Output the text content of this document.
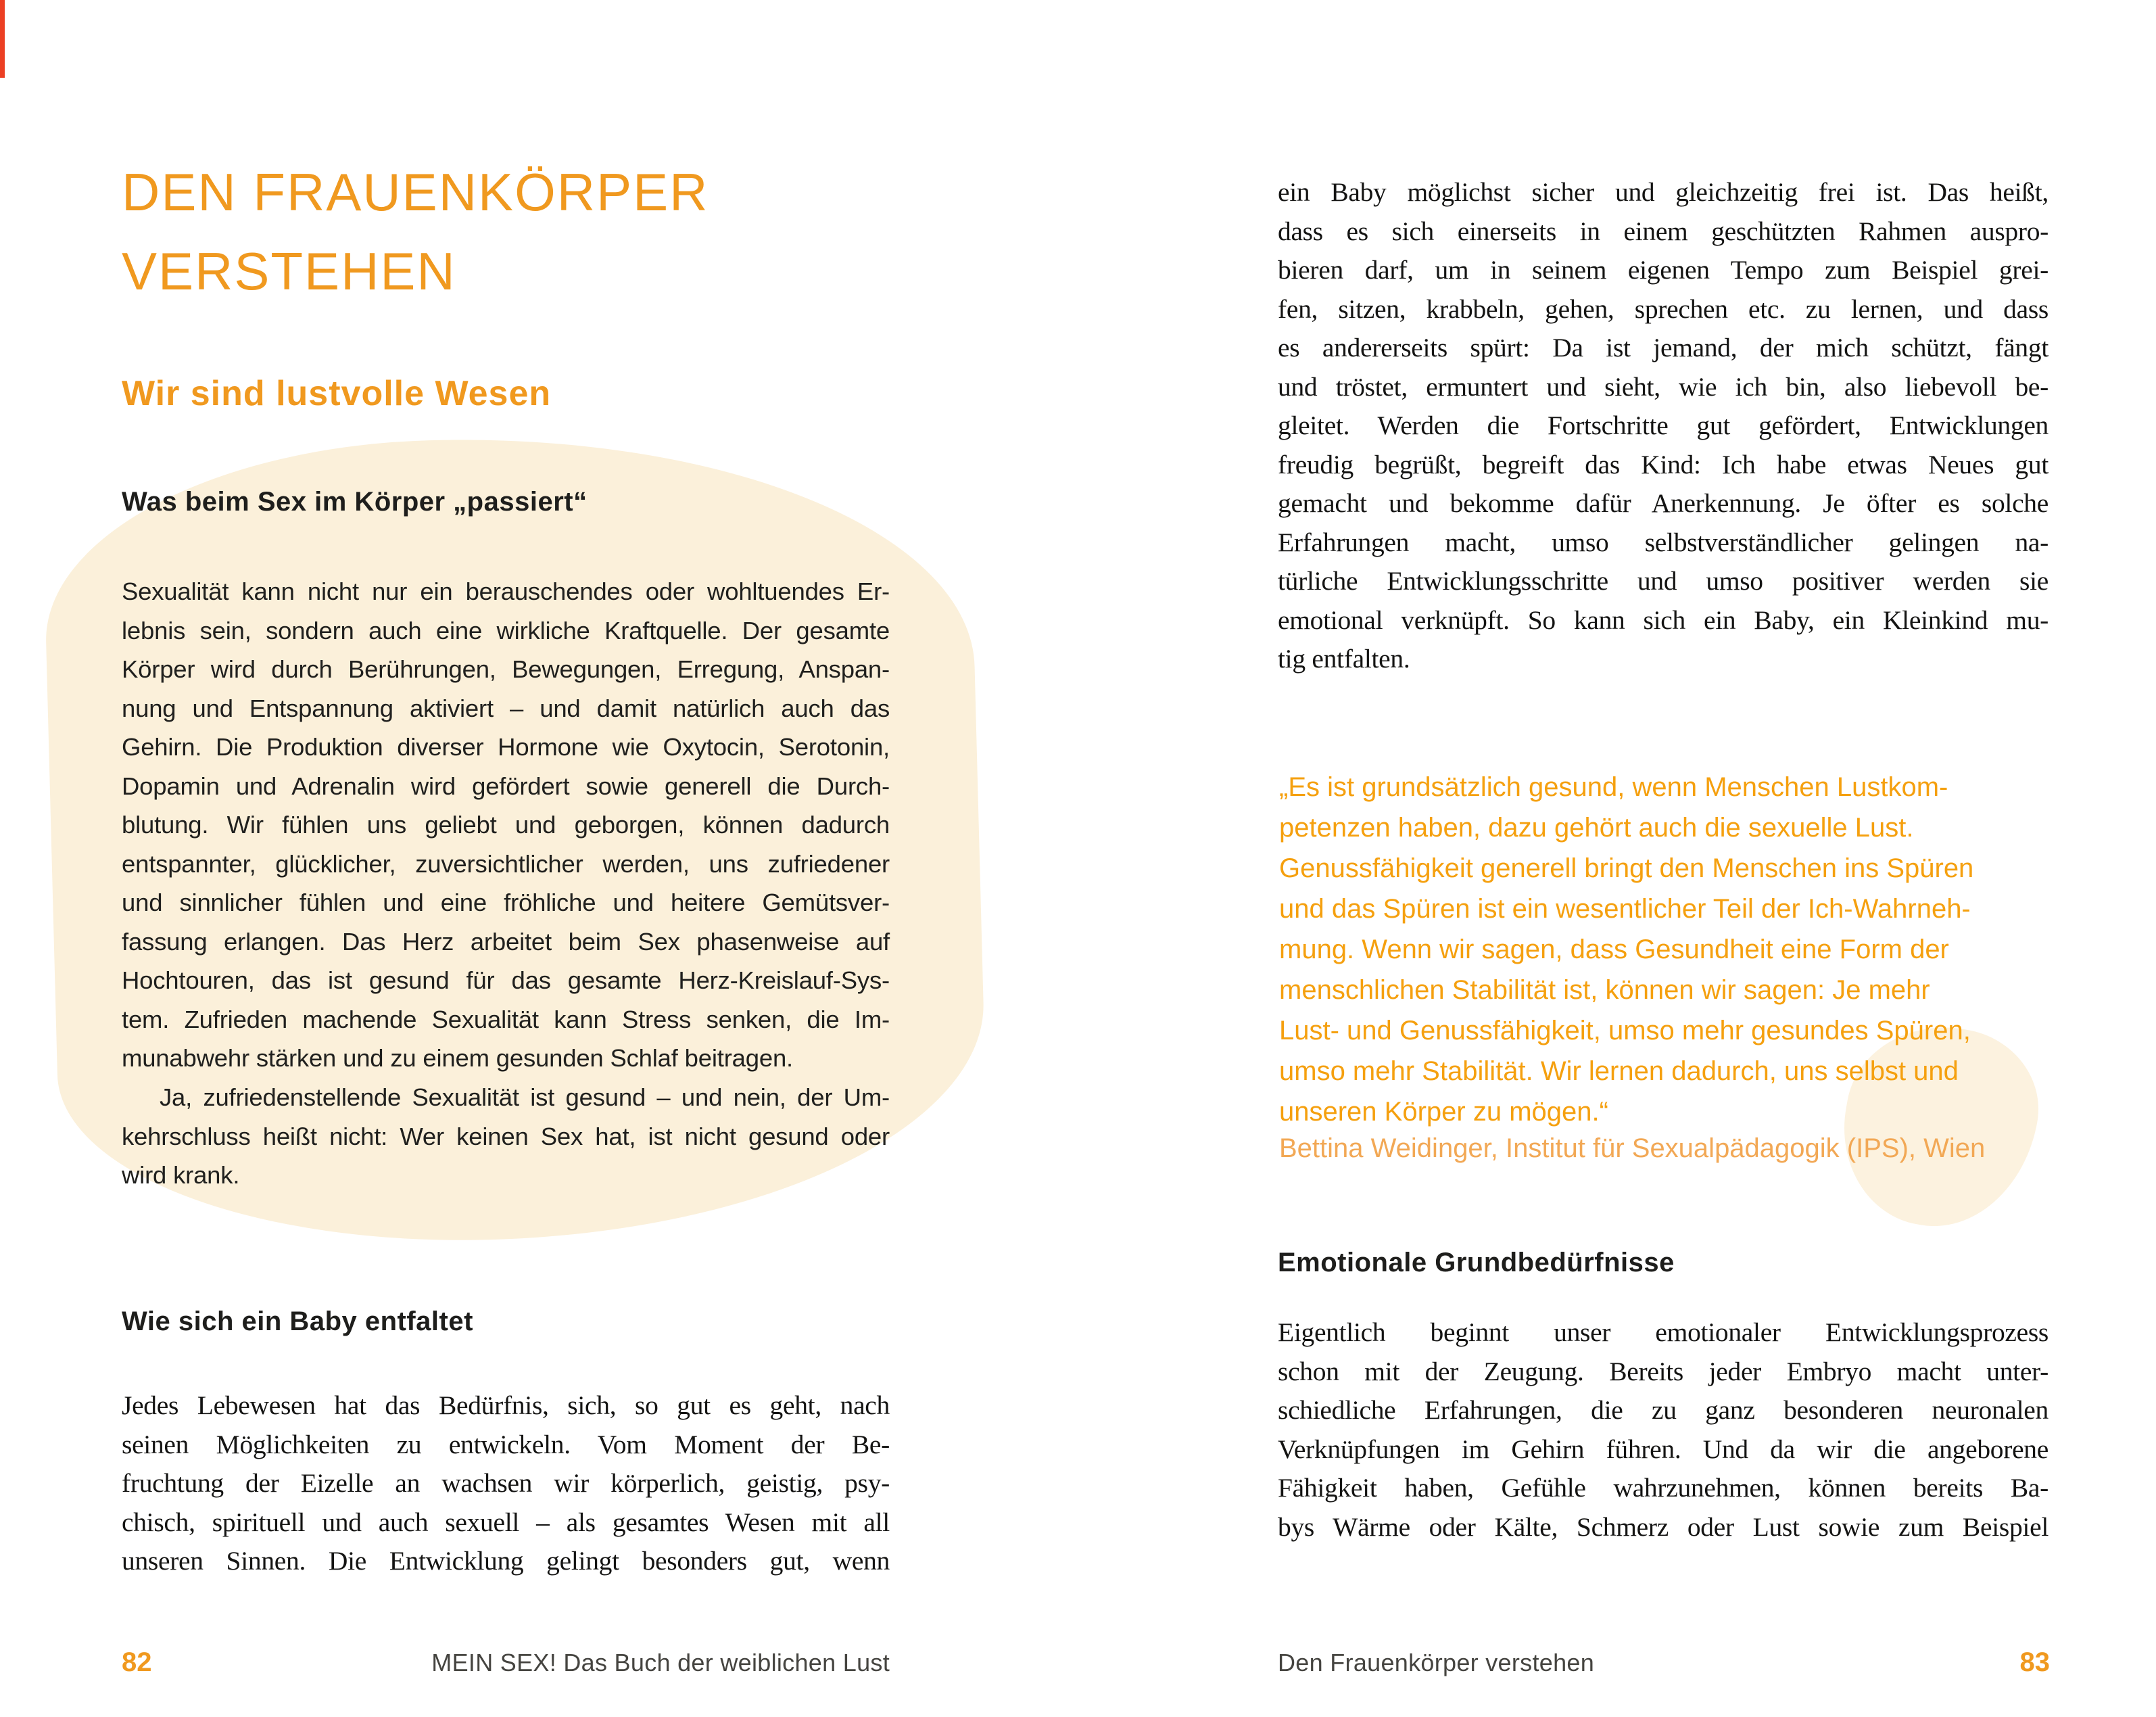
DEN FRAUENKÖRPER
VERSTEHEN
Wir sind lustvolle Wesen
Was beim Sex im Körper „passiert“
Sexualität kann nicht nur ein berauschendes oder wohltuendes Er-
lebnis sein, sondern auch eine wirkliche Kraftquelle. Der gesamte
Körper wird durch Berührungen, Bewegungen, Erregung, Anspan-
nung und Entspannung aktiviert – und damit natürlich auch das
Gehirn. Die Produktion diverser Hormone wie Oxytocin, Serotonin,
Dopamin und Adrenalin wird gefördert sowie generell die Durch-
blutung. Wir fühlen uns geliebt und geborgen, können dadurch
entspannter, glücklicher, zuversichtlicher werden, uns zufriedener
und sinnlicher fühlen und eine fröhliche und heitere Gemütsver-
fassung erlangen. Das Herz arbeitet beim Sex phasenweise auf
Hochtouren, das ist gesund für das gesamte Herz-Kreislauf-Sys-
tem. Zufrieden machende Sexualität kann Stress senken, die Im-
munabwehr stärken und zu einem gesunden Schlaf beitragen.
Ja, zufriedenstellende Sexualität ist gesund – und nein, der Um-
kehrschluss heißt nicht: Wer keinen Sex hat, ist nicht gesund oder
wird krank.
Wie sich ein Baby entfaltet
Jedes Lebewesen hat das Bedürfnis, sich, so gut es geht, nach
seinen Möglichkeiten zu entwickeln. Vom Moment der Be-
fruchtung der Eizelle an wachsen wir körperlich, geistig, psy-
chisch, spirituell und auch sexuell – als gesamtes Wesen mit all
unseren Sinnen. Die Entwicklung gelingt besonders gut, wenn
82	MEIN SEX! Das Buch der weiblichen Lust
ein Baby möglichst sicher und gleichzeitig frei ist. Das heißt,
dass es sich einerseits in einem geschützten Rahmen auspro-
bieren darf, um in seinem eigenen Tempo zum Beispiel grei-
fen, sitzen, krabbeln, gehen, sprechen etc. zu lernen, und dass
es andererseits spürt: Da ist jemand, der mich schützt, fängt
und tröstet, ermuntert und sieht, wie ich bin, also liebevoll be-
gleitet. Werden die Fortschritte gut gefördert, Entwicklungen
freudig begrüßt, begreift das Kind: Ich habe etwas Neues gut
gemacht und bekomme dafür Anerkennung. Je öfter es solche
Erfahrungen macht, umso selbstverständlicher gelingen na-
türliche Entwicklungsschritte und umso positiver werden sie
emotional verknüpft. So kann sich ein Baby, ein Kleinkind mu-
tig entfalten.
„Es ist grundsätzlich gesund, wenn Menschen Lustkom-
petenzen haben, dazu gehört auch die sexuelle Lust.
Genussfähigkeit generell bringt den Menschen ins Spüren
und das Spüren ist ein wesentlicher Teil der Ich-Wahrneh-
mung. Wenn wir sagen, dass Gesundheit eine Form der
menschlichen Stabilität ist, können wir sagen: Je mehr
Lust- und Genussfähigkeit, umso mehr gesundes Spüren,
umso mehr Stabilität. Wir lernen dadurch, uns selbst und
unseren Körper zu mögen.“
Bettina Weidinger, Institut für Sexualpädagogik (IPS), Wien
Emotionale Grundbedürfnisse
Eigentlich beginnt unser emotionaler Entwicklungsprozess
schon mit der Zeugung. Bereits jeder Embryo macht unter-
schiedliche Erfahrungen, die zu ganz besonderen neuronalen
Verknüpfungen im Gehirn führen. Und da wir die angeborene
Fähigkeit haben, Gefühle wahrzunehmen, können bereits Ba-
bys Wärme oder Kälte, Schmerz oder Lust sowie zum Beispiel
Den Frauenkörper verstehen	83
